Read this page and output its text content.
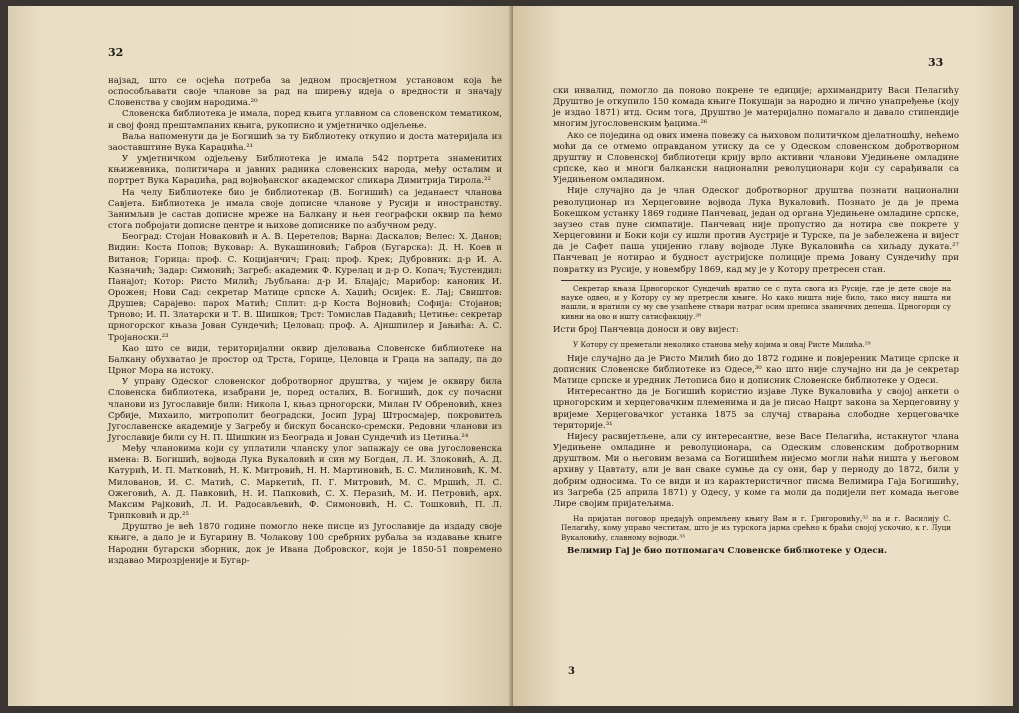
32

најзад, што се осјећа потреба за једном просвјетном установом која ће оспособљавати своје чланове за рад на ширењу идеја о вредности и значају Словенства у својим народима.²⁰

Словенска библиотека је имала, поред књига углавном са словенском тематиком, и свој фонд прештампаних књига, рукописно и умјетничко одјељење.

Ваља напоменути да је Богишић за ту Библиотеку откупио и доста материјала из заоставштине Вука Караџића.²¹

У умјетничком одјељењу Библиотека је имала 542 портрета знаменитих књижевника, политичара и јавних радника словенских народа, међу осталим и портрет Вука Караџића, рад војвођанског академског сликара Димитрија Тирола.²²

На челу Библиотеке био је библиотекар (В. Богишић) са једанаест чланова Савјета. Библиотека је имала своје дописне чланове у Русији и иностранству. Занимљив је састав дописне мреже на Балкану и њен географски оквир па ћемо стога побројати дописне центре и њихове дописнике по азбучном реду.

Београд: Стојан Новаковић и А. В. Церетелов; Варна: Даскалов; Велес: Х. Данов; Видин: Коста Попов; Вуковар: А. Вукашиновић; Габров (Бугарска): Д. Н. Коев и Витанов; Горица: проф. С. Коцијанчич; Грац: проф. Крек; Дубровник: д-р И. А. Казначић; Задар: Симонић; Загреб: академик Ф. Курелац и д-р О. Копач; Ћустендил: Панајот; Котор: Ристо Милић; Љубљана: д-р И. Блајајс; Марибор: каноник И. Орожен; Нови Сад: секретар Матице српске А. Хаџић; Осијек: Е. Лај; Свиштов: Друшев; Сарајево: парох Матић; Сплит: д-р Коста Војновић; Софија: Стојанов; Трново; И. П. Златарски и Т. В. Шишков; Трст: Томислав Падавић; Цетиње: секретар црногорског књаза Јован Сундечић; Целовац: проф. А. Ајншпилер и Јањића: А. С. Тројаноски.²³

Као што се види, територијални оквир дјеловања Словенске библиотеке на Балкану обухватао је простор од Трста, Горице, Целовца и Граца на западу, па до Црног Мора на истоку.

У управу Одеског словенског добротворног друштва, у чијем je оквиру била Словенска библиотека, изабрани је, поред осталих, В. Богишић, док су почасни чланови из Југославије били: Никола I, књаз црногорски, Милан IV Обреновић, кнез Србије, Михаило, митрополит београдски, Јосип Јурај Штросмајер, покровитељ Југославенске академије у Загребу и бискуп босанско-сремски. Редовни чланови из Југославије били су Н. П. Шишкин из Београда и Јован Сундечић из Цетиња.²⁴

Међу члановима који су уплатили чланску улог запажају се ова југословенска имена: В. Богишић, војвода Лука Вукаловић и син му Богдан, Л. И. Злоковић, А. Д. Катурић, И. П. Матковић, Н. К. Митровић, Н. Н. Мартиновић, Б. С. Милиновић, К. М. Милованов, И. С. Матић, С. Маркетић, П. Г. Митровић, М. С. Мршић, Л. С. Ожеговић, А. Д. Павковић, Н. И. Папковић, С. Х. Перазић, М. И. Петровић, арх. Максим Рајковић, Л. И. Радосављевић, Ф. Симоновић, Н. С. Тошковић, П. Л. Трипковић и др.²⁵

Друштво је већ 1870 године помогло неке писце из Југославије да издаду своје књиге, а дало је и Бугарину В. Чолакову 100 сребрних рубаља за издавање књиге Народни бугарски зборник, док је Ивана Добровског, који је 1850-51 повремено издавао Мирозрјеније и Бугар-

33

ски инвалид, помогло да поново покрене те едиције; архимандриту Васи Пелагићу Друштво је откупило 150 комада књиге Покушаји за народно и лично унапређење (коју је издао 1871) итд. Осим тога, Друштво је материјално помагало и давало стипендије многим југословенским ђацима.²⁶

Ако се поједина од ових имена повежу са њиховом политичком дјелатношћу, нећемо моћи да се отмемо оправданом утиску да се у Одеском словенском добротворном друштву и Словенској библиотеци крију врло активни чланови Уједињене омладине српске, као и многи балкански национални револуционари који су сарађивали са Уједињеном омладином.

Није случајно да је члан Одеског добротворног друштва познати национални револуционар из Херцеговине војвода Лука Вукаловић. Познато је да је према Бокешком устанку 1869 године Панчевац, један од органа Уједињене омладине српске, заузео став пуне симпатије. Панчевац није пропустио да нотира све покрете у Херцеговини и Боки који су ишли против Аустрије и Турске, па је забележена и вијест да је Сафет паша уцијенио главу војводе Луке Вукаловића са хиљаду дуката.²⁷ Панчевац је нотирао и будност аустријске полиције према Јовану Сундечићу при повратку из Русије, у новембру 1869, кад му је у Котору претресен стан.

Секретар књаза Црногорског Сундечић вратио се с пута свога из Русије, где је дете своје на науке одвео, и у Котору су му претресли књиге. Но како ништа није било, тако нису ништа ни нашли, и вратили су му све узапћене ствари натраг осим преписа званичних депеша. Црногорци су кивни на ово и ишту сатисфакцију.²⁸

Исти број Панчевца доноси и ову вијест:

У Котору су преметали неколико станова међу којима и онај Ристе Милића.²⁹

Није случајно да је Ристо Милић био до 1872 године и повјереник Матице српске и дописник Словенске библиотеке из Одесе,³⁰ као што није случајно ни да је секретар Матице српске и уредник Летописа био и дописник Словенске библиотеке у Одеси.

Интересантно да је Богишић користио изјаве Луке Вукаловића у својој анкети о црногорским и херцеговачким племенима и да је писао Нацрт закона за Херцеговину у вријеме Херцеговачког устанка 1875 за случај стварања слободне херцеговачке територије.³¹

Нијесу расвијетљене, али су интересантне, везе Васе Пелагића, истакнутог члана Уједињене омладине и револуционара, са Одеским словенским добротворним друштвом. Ми о његовим везама са Богишићем нијесмо могли наћи ништа у његовом архиву у Цавтату, али је ван сваке сумње да су они, бар у периоду до 1872, били у добрим односима. То се види и из карактеристичног писма Велимира Гаја Богишићу, из Загреба (25 априла 1871) у Одесу, у коме га моли да подијели пет комада његове Лире својим пријатељима.

На пријатан поговор предајућ опремљену књигу Вам и г. Григоровићу,³² па и г. Василију С. Пелагићу, кому управо честитам, што је из турскога јарма срећно к браћи својој ускочио, к г. Луци Вукаловићу, славному војводи.³³

Велимир Гај је био потпомагач Словенске библиотеке у Одеси.

3
